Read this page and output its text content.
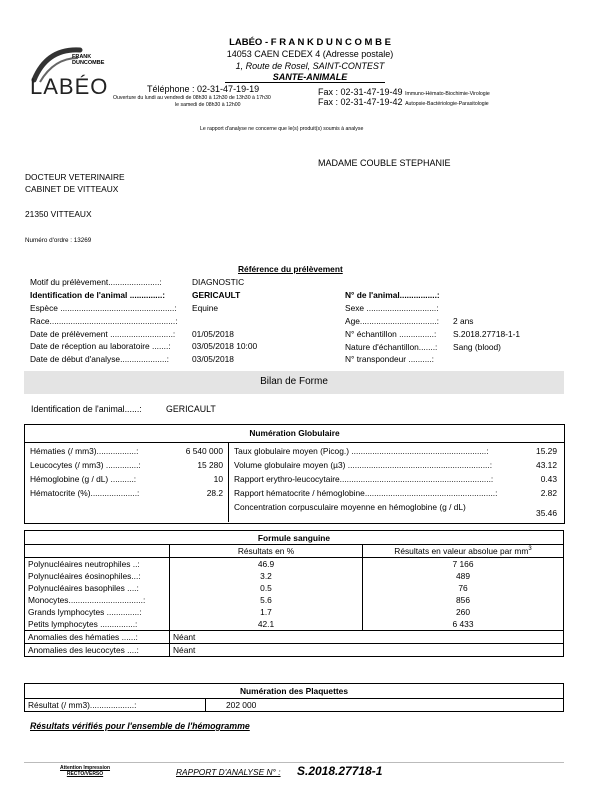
FRANK
DUNCOMBE
LABÉO
LABÉO - F R A N K D U N C O M B E
14053 CAEN CEDEX 4 (Adresse postale)
1, Route de Rosel, SAINT-CONTEST
SANTE-ANIMALE
Téléphone : 02-31-47-19-19
Ouverture du lundi au vendredi de 08h30 à 12h30 de 13h30 à 17h30
le samedi de 08h30 à 12h00
Fax : 02-31-47-19-49 Immuno-Hémato-Biochimie-Virologie
Fax : 02-31-47-19-42 Autopsie-Bactériologie-Parasitologie
Le rapport d'analyse ne concerne que le(s) produit(s) soumis à analyse
MADAME COUBLE STEPHANIE
DOCTEUR VETERINAIRE
CABINET DE VITTEAUX
21350 VITTEAUX
Numéro d'ordre : 13269
Référence du prélèvement
Motif du prélèvement......................:	DIAGNOSTIC
Identification de l'animal ..............:	GERICAULT
Espèce .................................................: Equine
Race......................................................:
Date de prélèvement ...........................: 01/05/2018
Date de réception au laboratoire .......:	03/05/2018 10:00
Date de début d'analyse....................:	03/05/2018
N° de l'animal................:
Sexe ..............................:
Age.................................: 2 ans
N° échantillon ...............: S.2018.27718-1-1
Nature d'échantillon.......: Sang (blood)
N° transpondeur ..........:
Bilan de Forme
Identification de l'animal......:	GERICAULT
Numération Globulaire
Hématies (/ mm3).................:	6 540 000
Leucocytes (/ mm3) ..............:	15 280
Hémoglobine (g / dL) ..........:	10
Hématocrite (%)....................:	28.2
Taux globulaire moyen (Picog.) ..........................................................:	15.29
Volume globulaire moyen (µ3) .............................................................:	43.12
Rapport erythro-leucocytaire.................................................................:	0.43
Rapport hématocrite / hémoglobine........................................................:	2.82
Concentration corpusculaire moyenne en hémoglobine (g / dL)
35.46
Formule sanguine		
	Résultats en %	Résultats en valeur absolue par $mm^3$
Polynucléaires neutrophiles ..:	46.9	7 166
Polynucléaires éosinophiles...:	3.2	489
Polynucléaires basophiles ....:	0.5	76
Monocytes................................:	5.6	856
Grands lymphocytes ..............:	1.7	260
Petits lymphocytes ...............:	42.1	6 433
Anomalies des hématies ......:	Néant	
Anomalies des leucocytes ....:	Néant	
Numération des Plaquettes
Résultat (/ mm3)...................:	202 000
Résultats vérifiés pour l'ensemble de l'hémogramme
Attention Impression
RECTO/VERSO	RAPPORT D'ANALYSE N° : S.2018.27718-1
